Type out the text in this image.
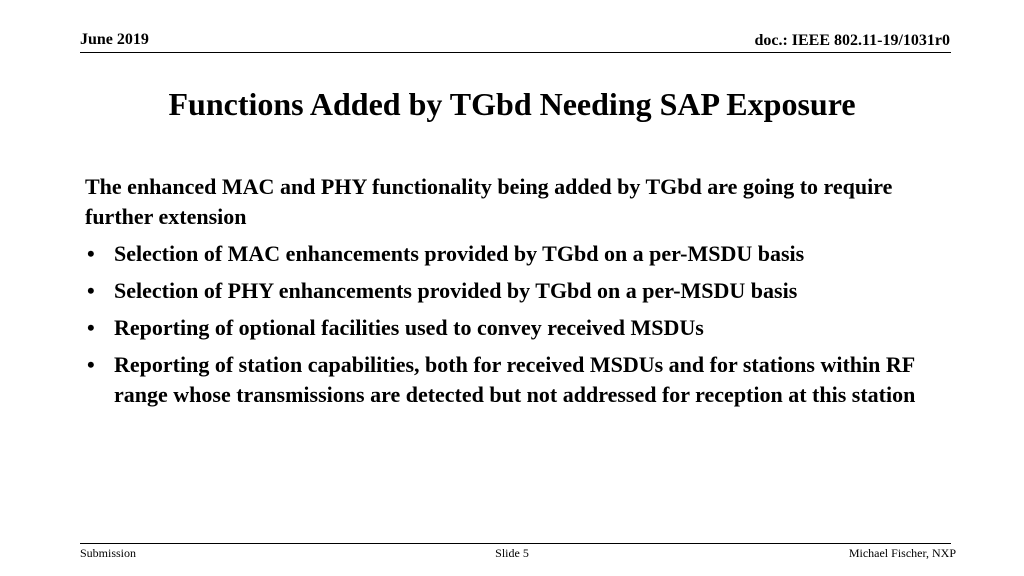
June 2019	doc.: IEEE 802.11-19/1031r0
Functions Added by TGbd Needing SAP Exposure

The enhanced MAC and PHY functionality being added by TGbd are going to require further extension

• Selection of MAC enhancements provided by TGbd on a per-MSDU basis
• Selection of PHY enhancements provided by TGbd on a per-MSDU basis
• Reporting of optional facilities used to convey received MSDUs
• Reporting of station capabilities, both for received MSDUs and for stations within RF range whose transmissions are detected but not addressed for reception at this station
Submission	Slide 5	Michael Fischer, NXP
